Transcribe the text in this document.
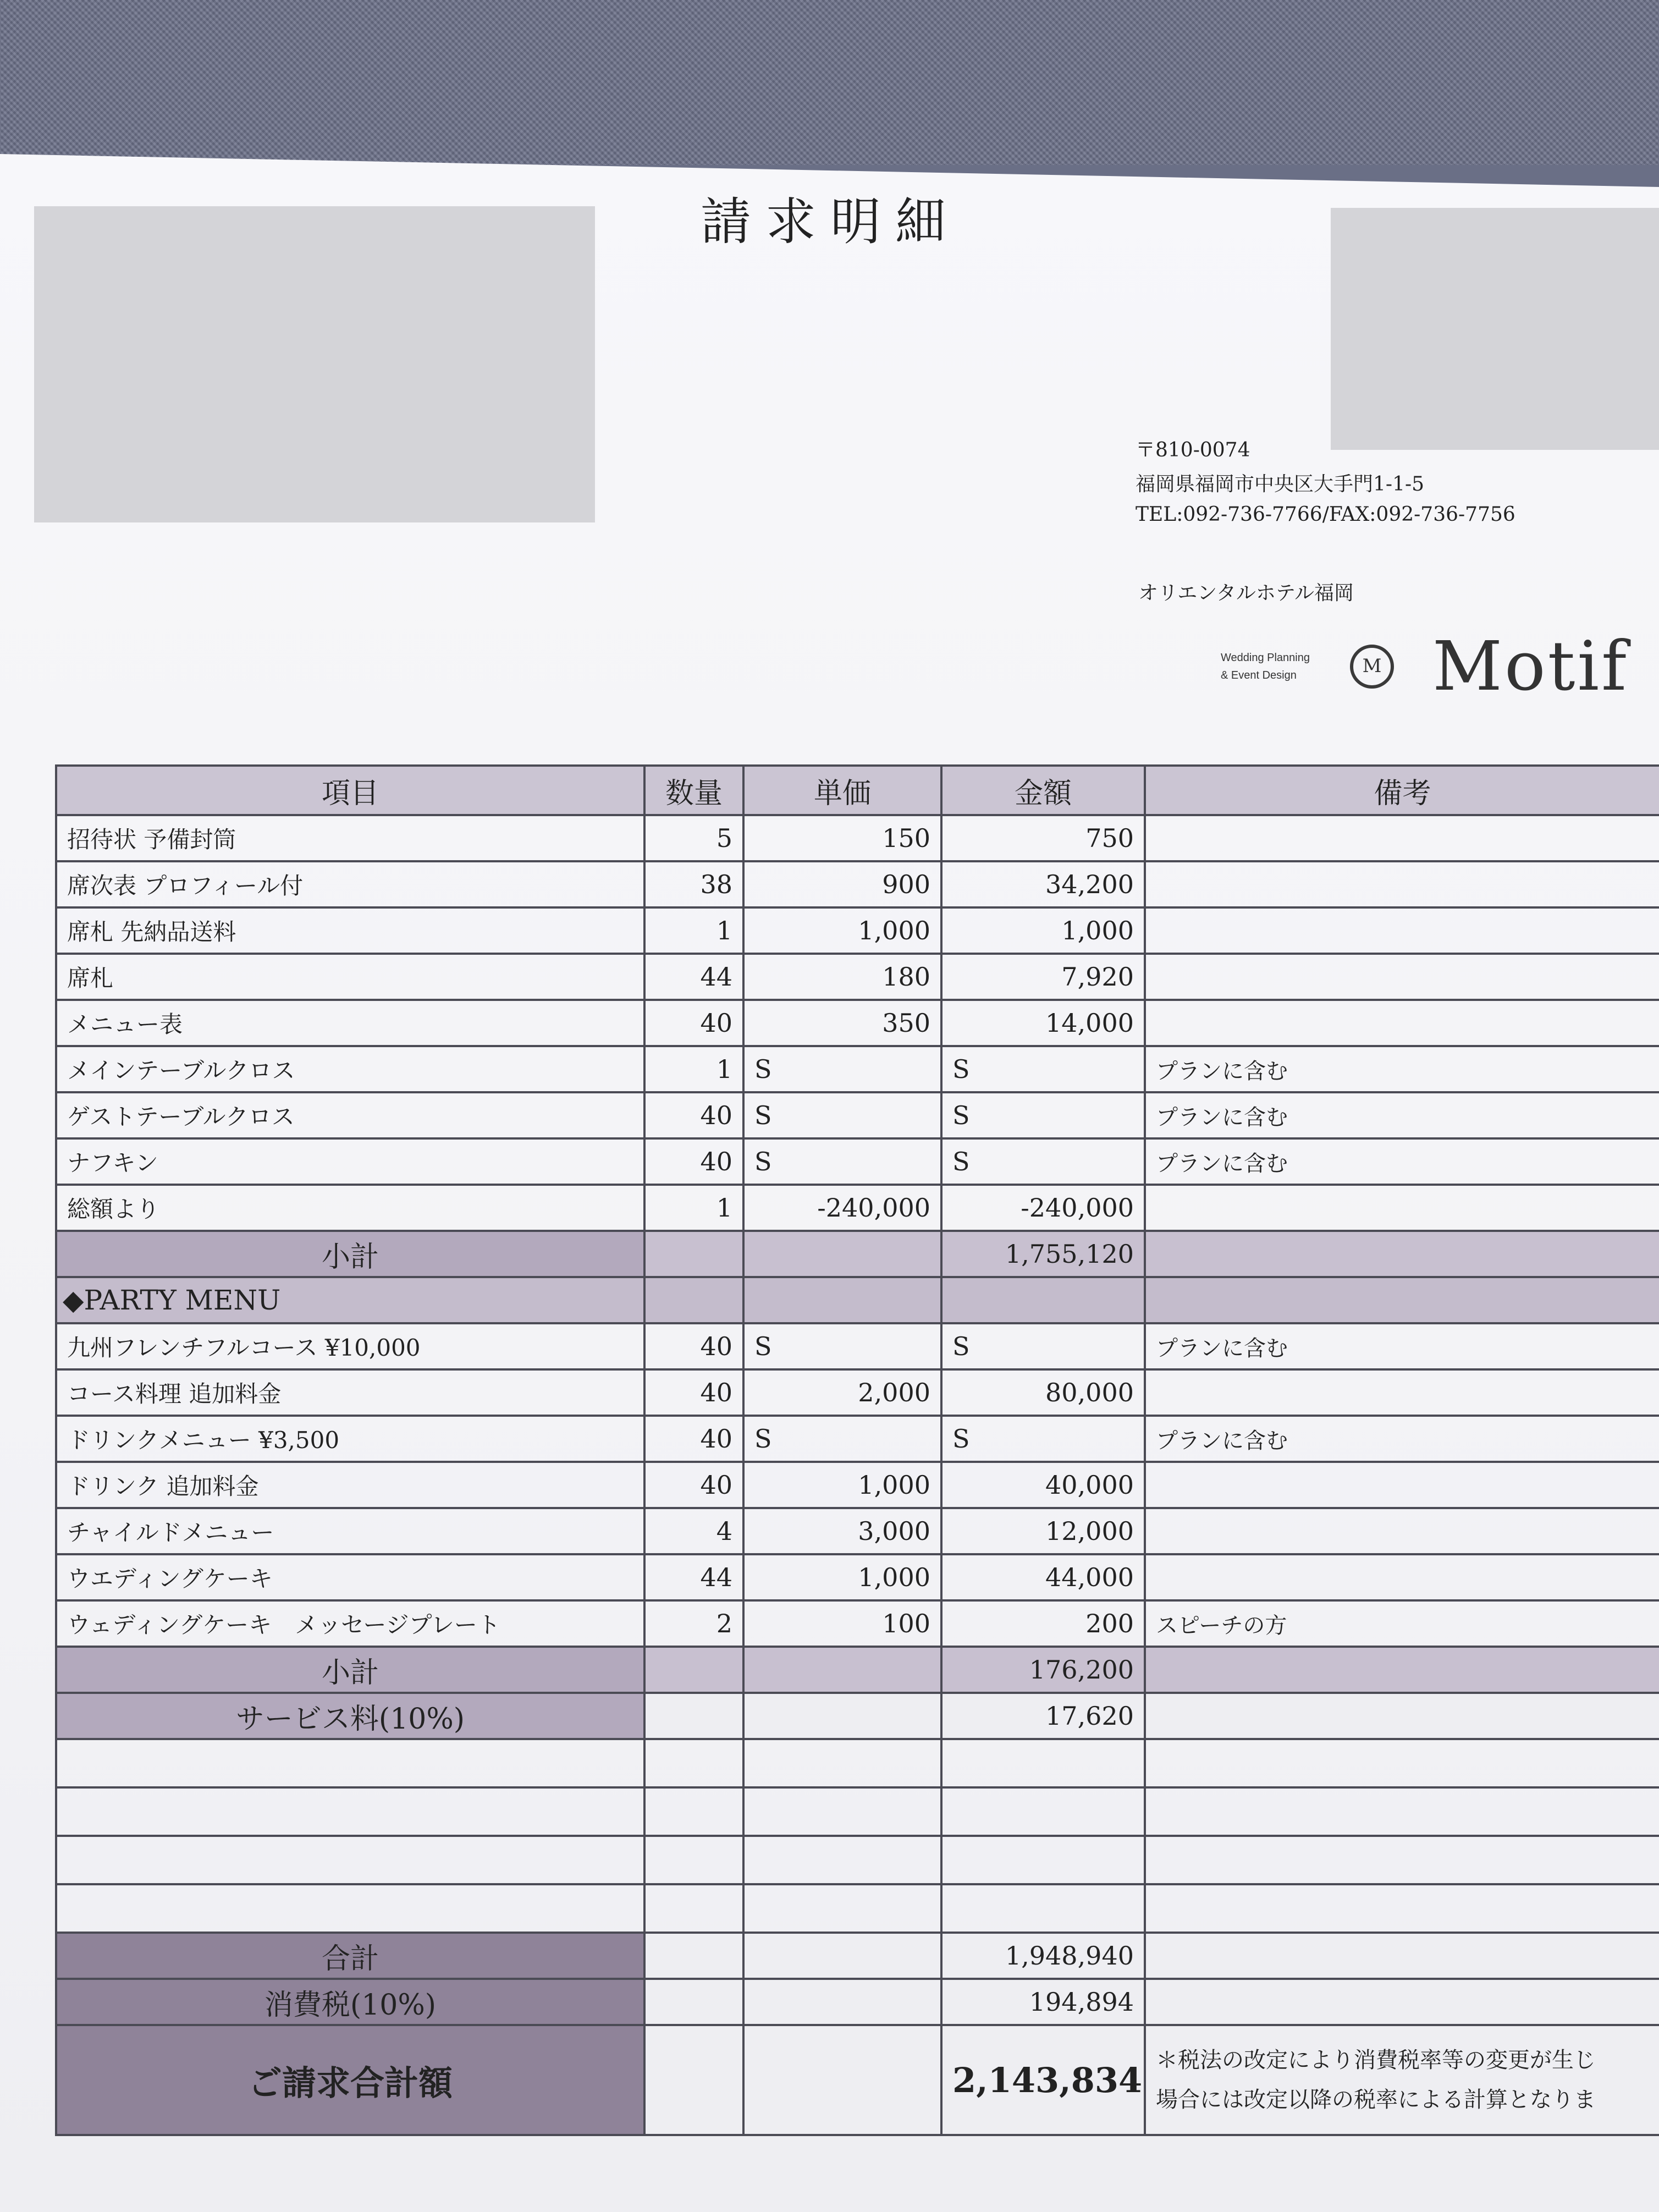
請求明細
〒810-0074
福岡県福岡市中央区大手門1-1-5
TEL:092-736-7766/FAX:092-736-7756
オリエンタルホテル福岡
Wedding Planning
& Event Design	M Motif
項目	数量	単価	金額	備考
招待状 予備封筒	5	150	750	
席次表 プロフィール付	38	900	34,200	
席札 先納品送料	1	1,000	1,000	
席札	44	180	7,920	
メニュー表	40	350	14,000	
メインテーブルクロス	1	S	S	プランに含む
ゲストテーブルクロス	40	S	S	プランに含む
ナフキン	40	S	S	プランに含む
総額より	1	-240,000	-240,000	
小計			1,755,120	
◆PARTY MENU				
九州フレンチフルコース ¥10,000	40	S	S	プランに含む
コース料理 追加料金	40	2,000	80,000	
ドリンクメニュー ¥3,500	40	S	S	プランに含む
ドリンク 追加料金	40	1,000	40,000	
チャイルドメニュー	4	3,000	12,000	
ウエディングケーキ	44	1,000	44,000	
ウェディングケーキ　メッセージプレート	2	100	200	スピーチの方
小計			176,200	
サービス料(10%)			17,620	

合計			1,948,940	
消費税(10%)			194,894	
ご請求合計額			2,143,834	＊税法の改定により消費税率等の変更が生じ
場合には改定以降の税率による計算となりま
